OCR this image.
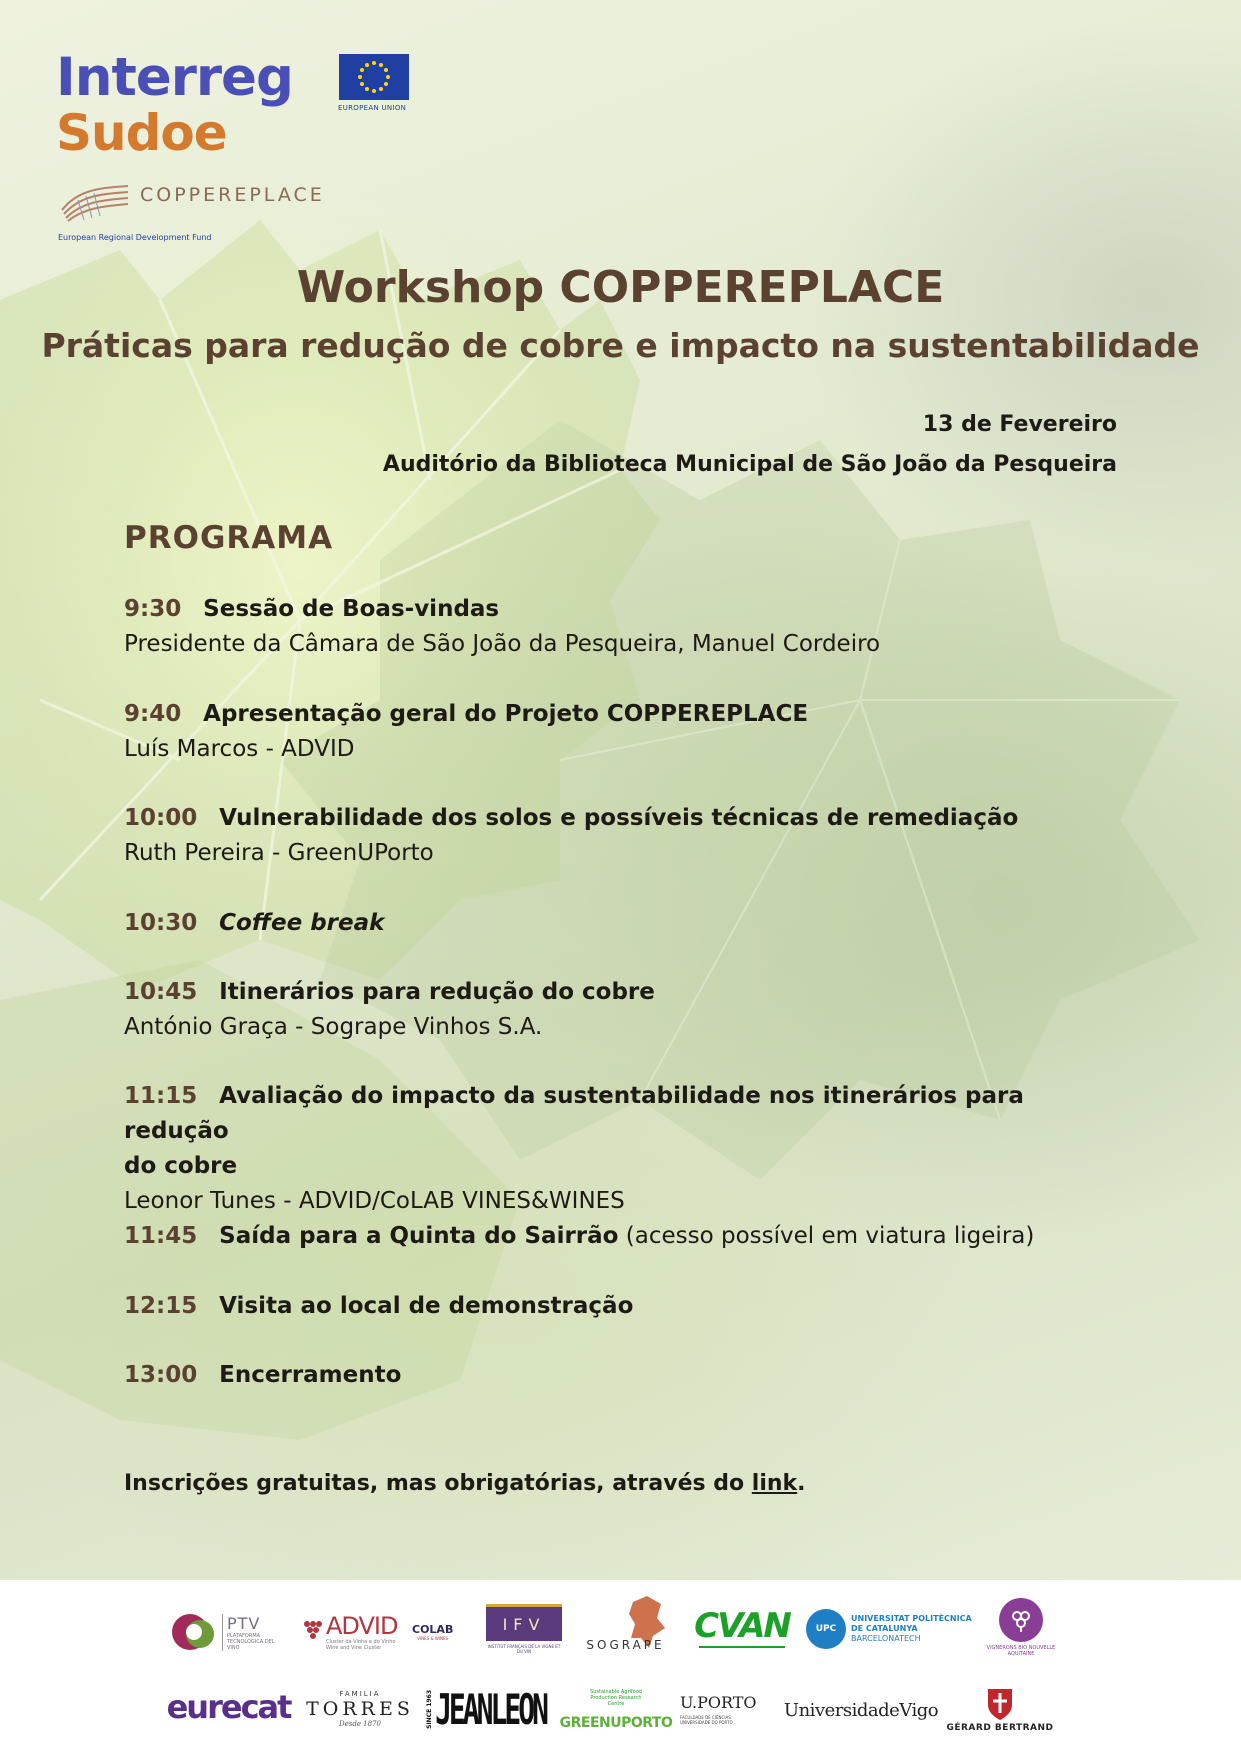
Interreg
Sudoe	EUROPEAN UNION
COPPEREPLACE
European Regional Development Fund
Workshop COPPEREPLACE
Práticas para redução de cobre e impacto na sustentabilidade
13 de Fevereiro
Auditório da Biblioteca Municipal de São João da Pesqueira
PROGRAMA
9:30 Sessão de Boas-vindas
Presidente da Câmara de São João da Pesqueira, Manuel Cordeiro
9:40 Apresentação geral do Projeto COPPEREPLACE
Luís Marcos - ADVID
10:00 Vulnerabilidade dos solos e possíveis técnicas de remediação
Ruth Pereira - GreenUPorto
10:30 Coffee break
10:45 Itinerários para redução do cobre
António Graça - Sogrape Vinhos S.A.
11:15 Avaliação do impacto da sustentabilidade nos itinerários para redução
do cobre
Leonor Tunes - ADVID/CoLAB VINES&WINES
11:45 Saída para a Quinta do Sairrão (acesso possível em viatura ligeira)
12:15 Visita ao local de demonstração
13:00 Encerramento
Inscrições gratuitas, mas obrigatórias, através do link.
PTV
PLATAFORMA TECNOLÓGICA DEL VINO
ADVID
Cluster da Vinha e do Vinho Wine and Vine Cluster
COLAB
VINES & WINES
IFV
INSTITUT FRANÇAIS DE LA VIGNE ET DU VIN	SOGRAPE CVAN	UPC
UNIVERSITAT POLITÈCNICA
DE CATALUNYA
BARCELONATECH
VIGNERONS BIO NOUVELLE AQUITAINE
eurecat	FAMILIA
TORRES
Desde 1870	SINCE 1963 JEANLEON	Sustainable Agrifood Production Research Centre
GREENUPORTO
U.PORTO
FACULDADE DE CIÊNCIAS UNIVERSIDADE DO PORTO
UniversidadeVigo
GÉRARD BERTRAND
